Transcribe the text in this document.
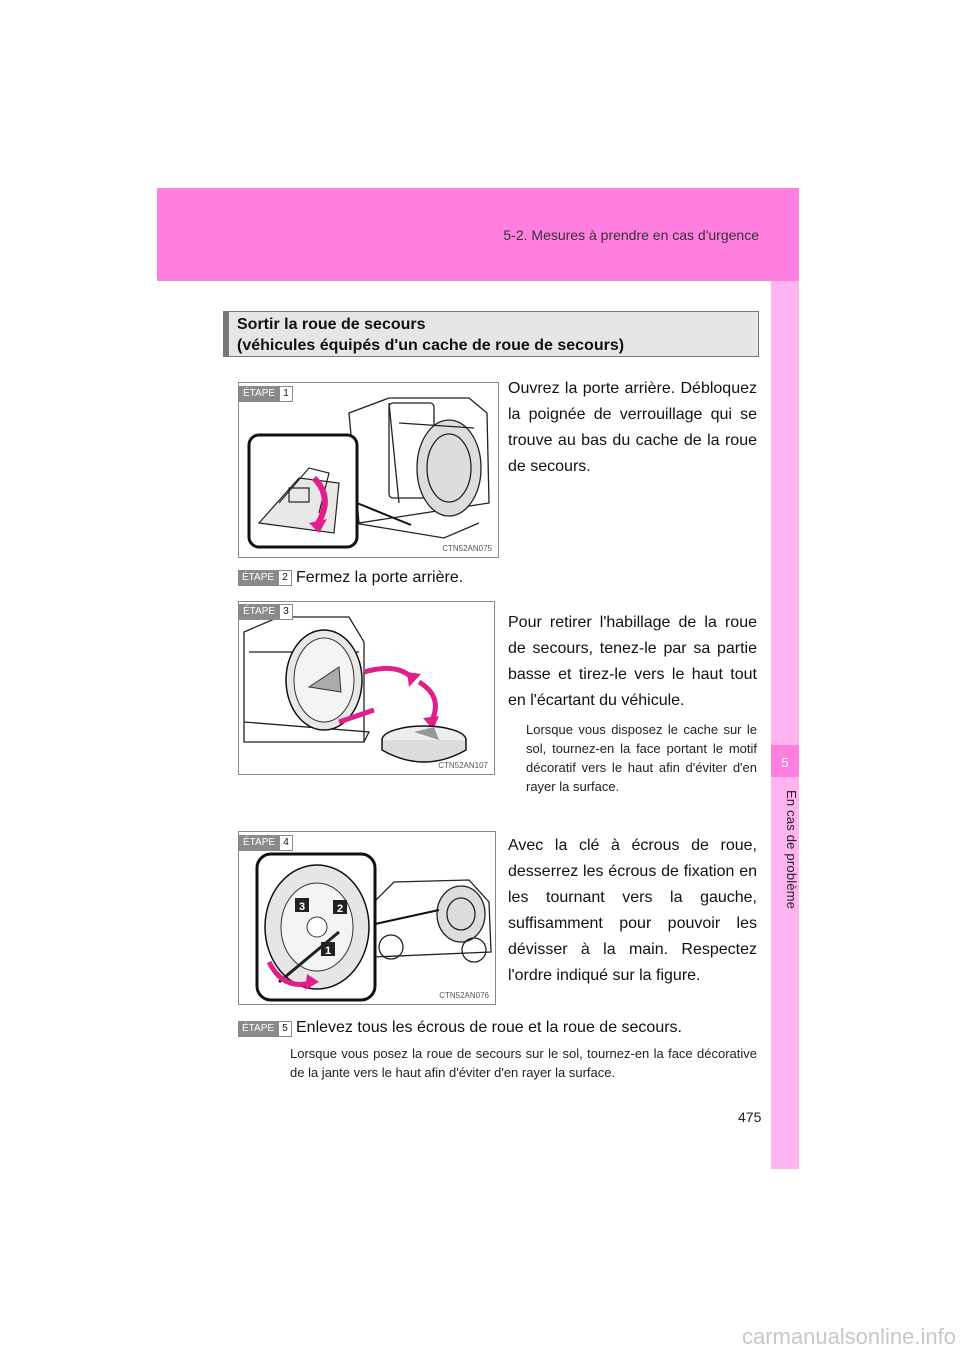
5-2. Mesures à prendre en cas d'urgence
5
En cas de problème
Sortir la roue de secours
(véhicules équipés d'un cache de roue de secours)
ÉTAPE 1
CTN52AN075
Ouvrez la porte arrière. Débloquez la poignée de verrouillage qui se trouve au bas du cache de la roue de secours.
ÉTAPE 2 Fermez la porte arrière.
ÉTAPE 3
CTN52AN107
Pour retirer l'habillage de la roue de secours, tenez-le par sa partie basse et tirez-le vers le haut tout en l'écartant du véhicule.
Lorsque vous disposez le cache sur le sol, tournez-en la face portant le motif décoratif vers le haut afin d'éviter d'en rayer la surface.
ÉTAPE 4
3	2
1
CTN52AN076
Avec la clé à écrous de roue, desserrez les écrous de fixation en les tournant vers la gauche, suffisamment pour pouvoir les dévisser à la main. Respectez l'ordre indiqué sur la figure.
ÉTAPE 5 Enlevez tous les écrous de roue et la roue de secours.
Lorsque vous posez la roue de secours sur le sol, tournez-en la face décorative de la jante vers le haut afin d'éviter d'en rayer la surface.
475
carmanualsonline.info
